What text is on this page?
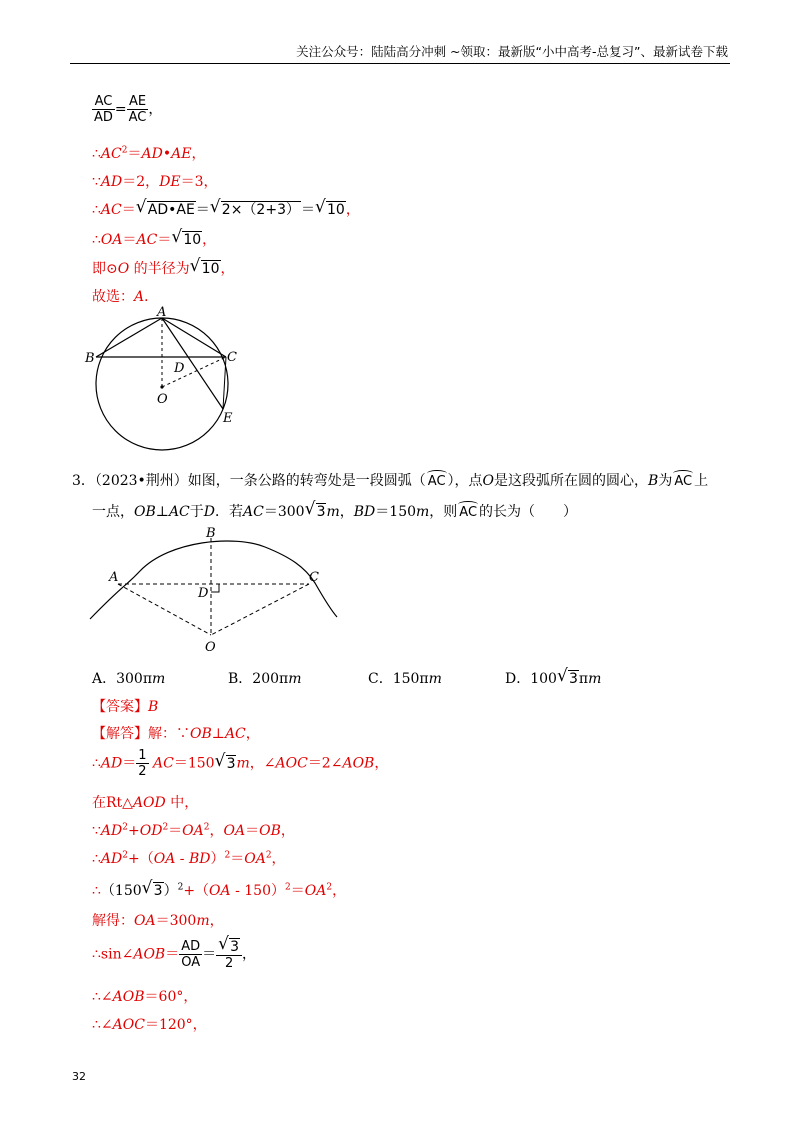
关注公众号：陆陆高分冲刺 ~领取：最新版“小中高考-总复习”、最新试卷下载
$\frac{AC}{AD} = \frac{AE}{AC}$ ，
$\therefore AC^2=AD•AE$，
∵AD＝2，DE＝3，
∴AC＝√ AD•AE＝√ 2×（2+3）＝√ 10，
∴OA＝AC＝√ 10，
即⊙O 的半径为√ 10，
故选：A．
A
B	C
D
O
E
3．（2023•荆州）如图，一条公路的转弯处是一段圆弧（ AC ），点O是这段弧所在圆的圆心，B为 AC 上
一点，OB⊥AC于D．若AC＝300√ 3m，BD＝150m，则 AC 的长为（　　）
A
B
C
D
O
A．300πm	B．200πm	C．150πm	D．100√ 3πm
【答案】B
【解答】解：∵OB⊥AC，
∴AD＝ $\frac{1}{2} AC=150√$ 3m，∠AOC＝2∠AOB，
在Rt△AOD 中，
$\because AD^2+OD^2=OA^2$，OA＝OB，
$\therefore AD^2+(OA - BD)^2=OA^2$，
∴（150√ $3)^2+(OA - 150)^2=OA^2$，
解得：OA＝300m，
∴sin∠AOB＝ $\frac{AD}{OA}$ ＝
√ $\frac{3}{2}$ ，
∴∠AOB＝60°，
∴∠AOC＝120°，
32
